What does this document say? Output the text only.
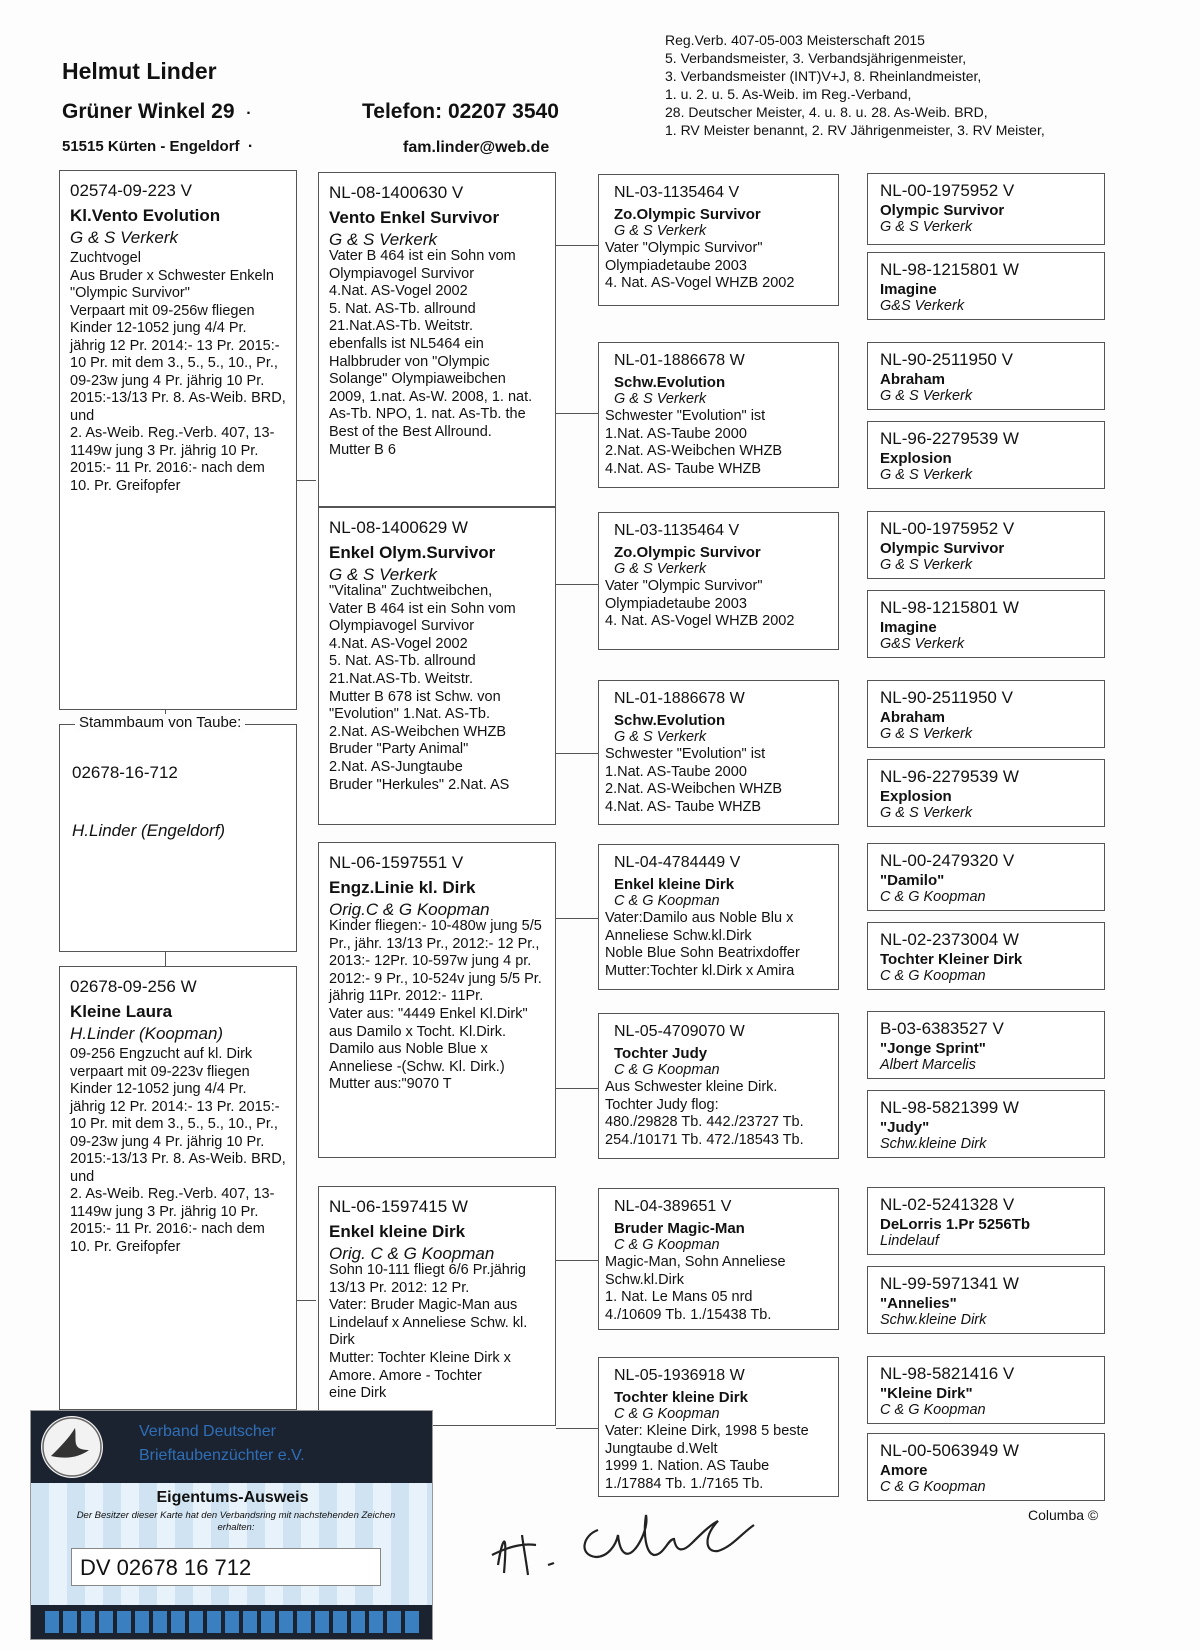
Helmut Linder
Grüner Winkel 29 ·
51515 Kürten - Engeldorf ·
Telefon: 02207 3540
fam.linder@web.de
Reg.Verb. 407-05-003 Meisterschaft 2015
5. Verbandsmeister, 3. Verbandsjährigenmeister,
3. Verbandsmeister (INT)V+J, 8. Rheinlandmeister,
1. u. 2. u. 5. As-Weib. im Reg.-Verband,
28. Deutscher Meister, 4. u. 8. u. 28. As-Weib. BRD,
1. RV Meister benannt, 2. RV Jährigenmeister, 3. RV Meister,
02574-09-223 V
Kl.Vento Evolution
G & S Verkerk
Zuchtvogel
Aus Bruder x Schwester Enkeln "Olympic Survivor"
Verpaart mit 09-256w fliegen Kinder 12-1052 jung 4/4 Pr. jährig 12 Pr. 2014:- 13 Pr. 2015:- 10 Pr. mit dem 3., 5., 5., 10., Pr.,
09-23w jung 4 Pr. jährig 10 Pr. 2015:-13/13 Pr. 8. As-Weib. BRD, und
2. As-Weib. Reg.-Verb. 407, 13-1149w jung 3 Pr. jährig 10 Pr. 2015:- 11 Pr. 2016:- nach dem 10. Pr. Greifopfer
02678-16-712
H.Linder (Engeldorf)
Stammbaum von Taube:
02678-09-256 W
Kleine Laura
H.Linder (Koopman)
09-256 Engzucht auf kl. Dirk verpaart mit 09-223v fliegen Kinder 12-1052 jung 4/4 Pr. jährig 12 Pr. 2014:- 13 Pr. 2015:- 10 Pr. mit dem 3., 5., 5., 10., Pr.,
09-23w jung 4 Pr. jährig 10 Pr. 2015:-13/13 Pr. 8. As-Weib. BRD, und
2. As-Weib. Reg.-Verb. 407, 13-1149w jung 3 Pr. jährig 10 Pr. 2015:- 11 Pr. 2016:- nach dem 10. Pr. Greifopfer
NL-08-1400630 V
Vento Enkel Survivor
G & S Verkerk
Vater B 464 ist ein Sohn vom Olympiavogel Survivor
4.Nat. AS-Vogel 2002
5. Nat. AS-Tb. allround
21.Nat.AS-Tb. Weitstr.
ebenfalls ist NL5464 ein Halbbruder von "Olympic Solange" Olympiaweibchen 2009, 1.nat. As-W. 2008, 1. nat. As-Tb. NPO, 1. nat. As-Tb. the Best of the Best Allround.
Mutter B 6
NL-08-1400629 W
Enkel Olym.Survivor
G & S Verkerk
"Vitalina" Zuchtweibchen,
Vater B 464 ist ein Sohn vom Olympiavogel Survivor
4.Nat. AS-Vogel 2002
5. Nat. AS-Tb. allround
21.Nat.AS-Tb. Weitstr.
Mutter B 678 ist Schw. von "Evolution" 1.Nat. AS-Tb.
2.Nat. AS-Weibchen WHZB
Bruder "Party Animal"
2.Nat. AS-Jungtaube
Bruder "Herkules" 2.Nat. AS
NL-06-1597551 V
Engz.Linie kl. Dirk
Orig.C & G Koopman
Kinder fliegen:- 10-480w jung 5/5 Pr., jähr. 13/13 Pr., 2012:- 12 Pr., 2013:- 12Pr. 10-597w jung 4 pr. 2012:- 9 Pr., 10-524v jung 5/5 Pr. jährig 11Pr. 2012:- 11Pr.
Vater aus: "4449 Enkel Kl.Dirk" aus Damilo x Tocht. Kl.Dirk.
Damilo aus Noble Blue x Anneliese -(Schw. Kl. Dirk.)
Mutter aus:"9070 T
NL-06-1597415 W
Enkel kleine Dirk
Orig. C & G Koopman
Sohn 10-111 fliegt 6/6 Pr.jährig 13/13 Pr. 2012: 12 Pr.
Vater: Bruder Magic-Man aus Lindelauf x Anneliese Schw. kl. Dirk
Mutter: Tochter Kleine Dirk x Amore. Amore - Tochter
eine Dirk
NL-03-1135464 V
Zo.Olympic Survivor
G & S Verkerk
Vater "Olympic Survivor"
Olympiadetaube 2003
4. Nat. AS-Vogel WHZB 2002
NL-01-1886678 W
Schw.Evolution
G & S Verkerk
Schwester "Evolution" ist
1.Nat. AS-Taube 2000
2.Nat. AS-Weibchen WHZB
4.Nat. AS- Taube WHZB
NL-03-1135464 V
Zo.Olympic Survivor
G & S Verkerk
Vater "Olympic Survivor"
Olympiadetaube 2003
4. Nat. AS-Vogel WHZB 2002
NL-01-1886678 W
Schw.Evolution
G & S Verkerk
Schwester "Evolution" ist
1.Nat. AS-Taube 2000
2.Nat. AS-Weibchen WHZB
4.Nat. AS- Taube WHZB
NL-04-4784449 V
Enkel kleine Dirk
C & G Koopman
Vater:Damilo aus Noble Blu x Anneliese Schw.kl.Dirk
Noble Blue Sohn Beatrixdoffer
Mutter:Tochter kl.Dirk x Amira
NL-05-4709070 W
Tochter Judy
C & G Koopman
Aus Schwester kleine Dirk.
Tochter Judy flog:
480./29828 Tb. 442./23727 Tb.
254./10171 Tb. 472./18543 Tb.
NL-04-389651 V
Bruder Magic-Man
C & G Koopman
Magic-Man, Sohn Anneliese
Schw.kl.Dirk
1. Nat. Le Mans 05 nrd
4./10609 Tb. 1./15438 Tb.
NL-05-1936918 W
Tochter kleine Dirk
C & G Koopman
Vater: Kleine Dirk, 1998 5 beste
Jungtaube d.Welt
1999 1. Nation. AS Taube
1./17884 Tb. 1./7165 Tb.
NL-00-1975952 V
Olympic Survivor
G & S Verkerk
NL-98-1215801 W
Imagine
G&S Verkerk
NL-90-2511950 V
Abraham
G & S Verkerk
NL-96-2279539 W
Explosion
G & S Verkerk
NL-00-1975952 V
Olympic Survivor
G & S Verkerk
NL-98-1215801 W
Imagine
G&S Verkerk
NL-90-2511950 V
Abraham
G & S Verkerk
NL-96-2279539 W
Explosion
G & S Verkerk
NL-00-2479320 V
"Damilo"
C & G Koopman
NL-02-2373004 W
Tochter Kleiner Dirk
C & G Koopman
B-03-6383527 V
"Jonge Sprint"
Albert Marcelis
NL-98-5821399 W
"Judy"
Schw.kleine Dirk
NL-02-5241328 V
DeLorris 1.Pr 5256Tb
Lindelauf
NL-99-5971341 W
"Annelies"
Schw.kleine Dirk
NL-98-5821416 V
"Kleine Dirk"
C & G Koopman
NL-00-5063949 W
Amore
C & G Koopman
Columba ©
Verband Deutscher
Brieftaubenzüchter e.V.
Eigentums-Ausweis
Der Besitzer dieser Karte hat den Verbandsring mit nachstehenden Zeichen erhalten:
DV 02678 16 712
